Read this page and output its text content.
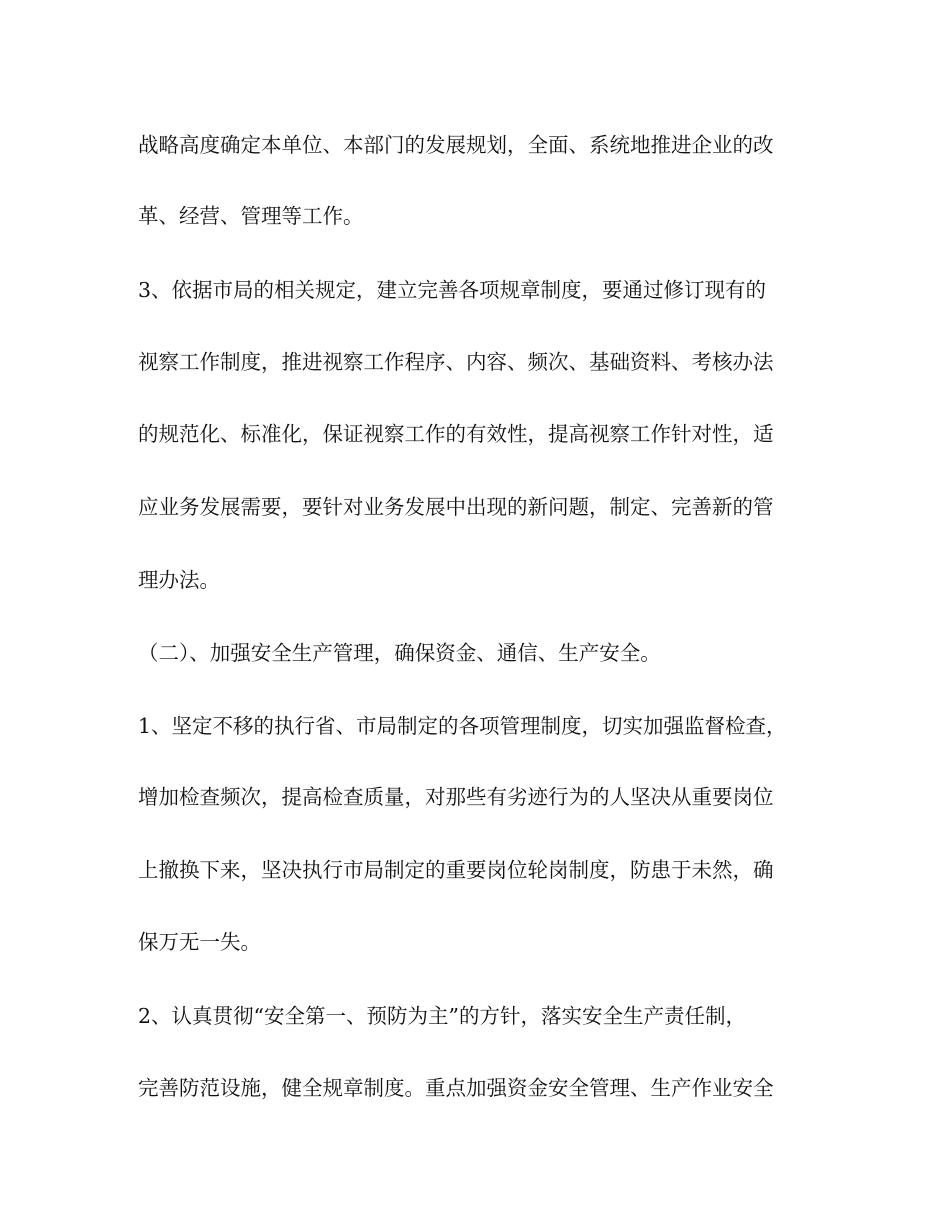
战略高度确定本单位、本部门的发展规划，全面、系统地推进企业的改
革、经营、管理等工作。
3、依据市局的相关规定，建立完善各项规章制度，要通过修订现有的
视察工作制度，推进视察工作程序、内容、频次、基础资料、考核办法
的规范化、标准化，保证视察工作的有效性，提高视察工作针对性，适
应业务发展需要，要针对业务发展中出现的新问题，制定、完善新的管
理办法。
（二）、加强安全生产管理，确保资金、通信、生产安全。
1、坚定不移的执行省、市局制定的各项管理制度，切实加强监督检查，
增加检查频次，提高检查质量，对那些有劣迹行为的人坚决从重要岗位
上撤换下来，坚决执行市局制定的重要岗位轮岗制度，防患于未然，确
保万无一失。
2、认真贯彻“安全第一、预防为主”的方针，落实安全生产责任制，
完善防范设施，健全规章制度。重点加强资金安全管理、生产作业安全
